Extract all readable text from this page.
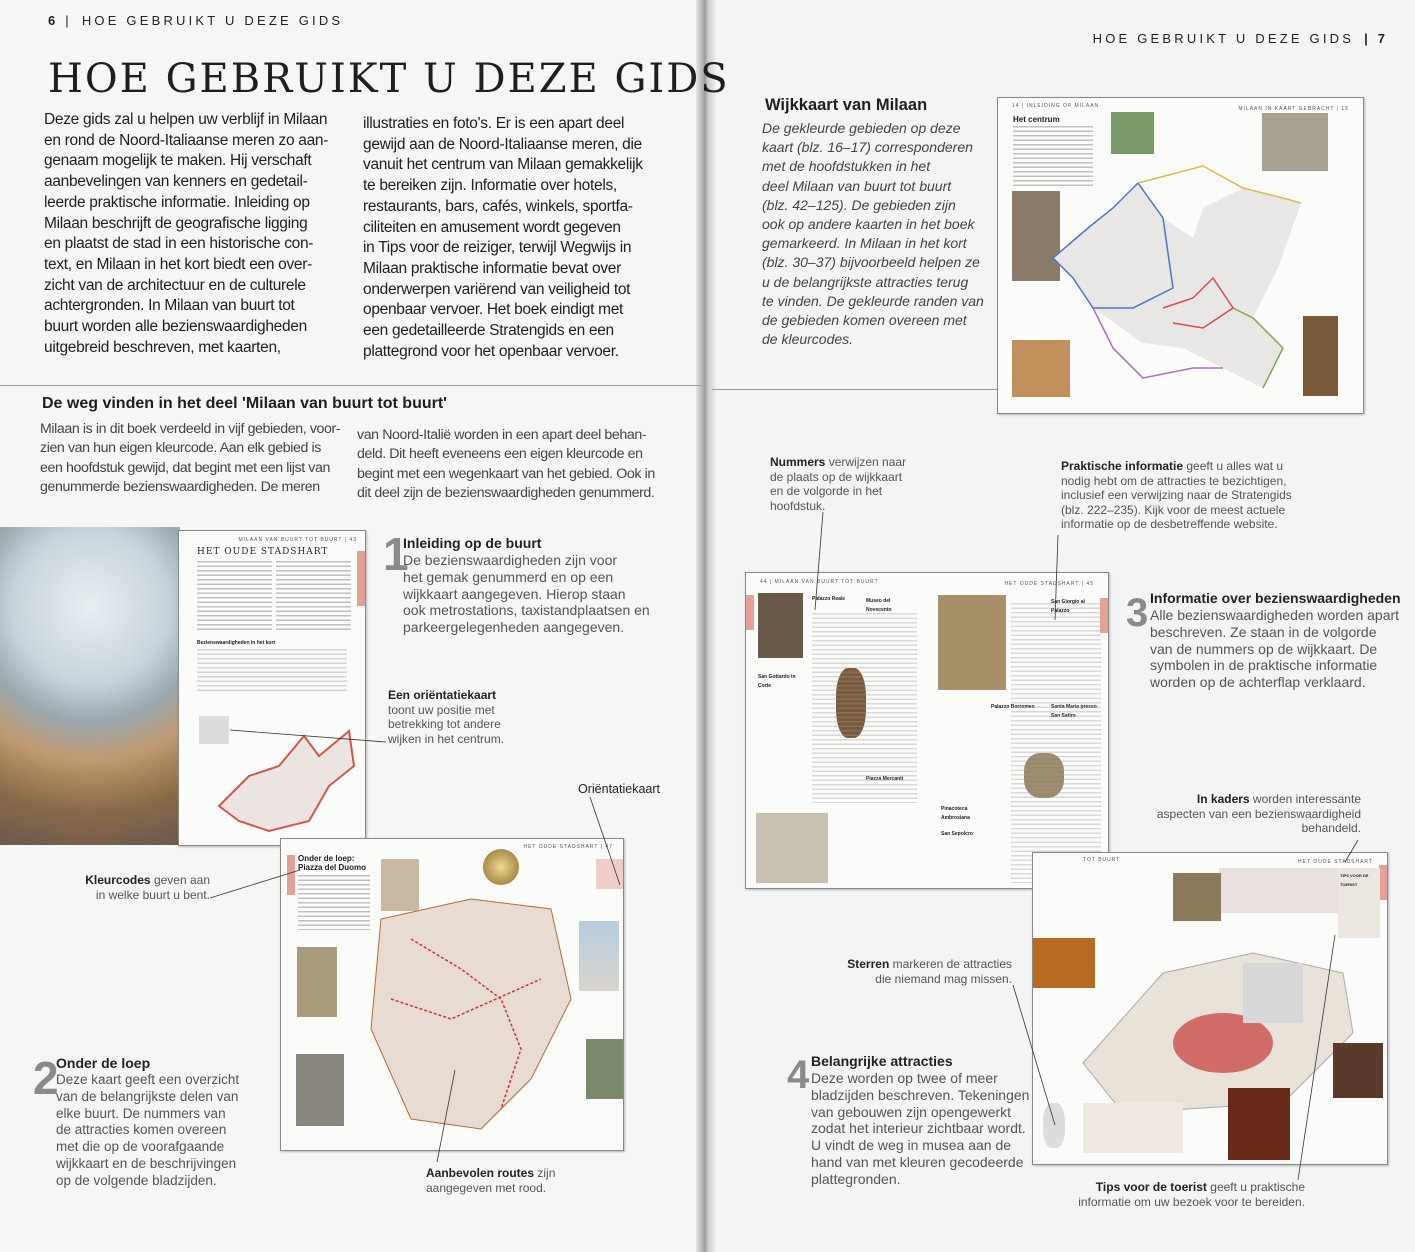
6 | HOE GEBRUIKT U DEZE GIDS
HOE GEBRUIKT U DEZE GIDS
Deze gids zal u helpen uw verblijf in Milaan
en rond de Noord-Italiaanse meren zo aan-
genaam mogelijk te maken. Hij verschaft
aanbevelingen van kenners en gedetail-
leerde praktische informatie. Inleiding op
Milaan beschrijft de geografische ligging
en plaatst de stad in een historische con-
text, en Milaan in het kort biedt een over-
zicht van de architectuur en de culturele
achtergronden. In Milaan van buurt tot
buurt worden alle bezienswaardigheden
uitgebreid beschreven, met kaarten,
illustraties en foto's. Er is een apart deel
gewijd aan de Noord-Italiaanse meren, die
vanuit het centrum van Milaan gemakkelijk
te bereiken zijn. Informatie over hotels,
restaurants, bars, cafés, winkels, sportfa-
ciliteiten en amusement wordt gegeven
in Tips voor de reiziger, terwijl Wegwijs in
Milaan praktische informatie bevat over
onderwerpen variërend van veiligheid tot
openbaar vervoer. Het boek eindigt met
een gedetailleerde Stratengids en een
plattegrond voor het openbaar vervoer.
De weg vinden in het deel 'Milaan van buurt tot buurt'
Milaan is in dit boek verdeeld in vijf gebieden, voor-
zien van hun eigen kleurcode. Aan elk gebied is
een hoofdstuk gewijd, dat begint met een lijst van
genummerde bezienswaardigheden. De meren
van Noord-Italië worden in een apart deel behan-
deld. Dit heeft eveneens een eigen kleurcode en
begint met een wegenkaart van het gebied. Ook in
dit deel zijn de bezienswaardigheden genummerd.
MILAAN VAN BUURT TOT BUURT | 43
HET OUDE STADSHART
Bezienswaardigheden in het kort
1
Inleiding op de buurt
De bezienswaardigheden zijn voor
het gemak genummerd en op een
wijkkaart aangegeven. Hierop staan
ook metrostations, taxistandplaatsen en
parkeergelegenheden aangegeven.
Een oriëntatiekaart
toont uw positie met
betrekking tot andere
wijken in het centrum.
Oriëntatiekaart
HET OUDE STADSHART | 47
Onder de loep: Piazza del Duomo
Kleurcodes geven aan
in welke buurt u bent.
2
Onder de loep
Deze kaart geeft een overzicht
van de belangrijkste delen van
elke buurt. De nummers van
de attracties komen overeen
met die op de voorafgaande
wijkkaart en de beschrijvingen
op de volgende bladzijden.	Aanbevolen routes zijn
aangegeven met rood.
HOE GEBRUIKT U DEZE GIDS | 7
Wijkkaart van Milaan
De gekleurde gebieden op deze
kaart (blz. 16–17) corresponderen
met de hoofdstukken in het
deel Milaan van buurt tot buurt
(blz. 42–125). De gebieden zijn
ook op andere kaarten in het boek
gemarkeerd. In Milaan in het kort
(blz. 30–37) bijvoorbeeld helpen ze
u de belangrijkste attracties terug
te vinden. De gekleurde randen van
de gebieden komen overeen met
de kleurcodes.
14 | INLEIDING OP MILAAN	MILAAN IN KAART GEBRACHT | 15
Het centrum
Nummers verwijzen naar
de plaats op de wijkkaart
en de volgorde in het
hoofdstuk.
Praktische informatie geeft u alles wat u
nodig hebt om de attracties te bezichtigen,
inclusief een verwijzing naar de Stratengids
(blz. 222–235). Kijk voor de meest actuele
informatie op de desbetreffende website.
44 | MILAAN VAN BUURT TOT BUURT	HET OUDE STADSHART | 45
Palazzo Reale	Museo del Novecento
San Gottardo in Corte
Piazza Mercanti
San Giorgio al Palazzo
Palazzo Borromeo	Santa Maria presso San Satiro
Pinacoteca Ambrosiana
San Sepolcro
3 Informatie over bezienswaardigheden
Alle bezienswaardigheden worden apart
beschreven. Ze staan in de volgorde
van de nummers op de wijkkaart. De
symbolen in de praktische informatie
worden op de achterflap verklaard.
In kaders worden interessante
aspecten van een bezienswaardigheid
behandeld.
TOT BUURT	HET OUDE STADSHART
TIPS VOOR DE TOERIST
Sterren markeren de attracties
die niemand mag missen.
4 Belangrijke attracties
Deze worden op twee of meer
bladzijden beschreven. Tekeningen
van gebouwen zijn opengewerkt
zodat het interieur zichtbaar wordt.
U vindt de weg in musea aan de
hand van met kleuren gecodeerde
plattegronden.
Tips voor de toerist geeft u praktische
informatie om uw bezoek voor te bereiden.
